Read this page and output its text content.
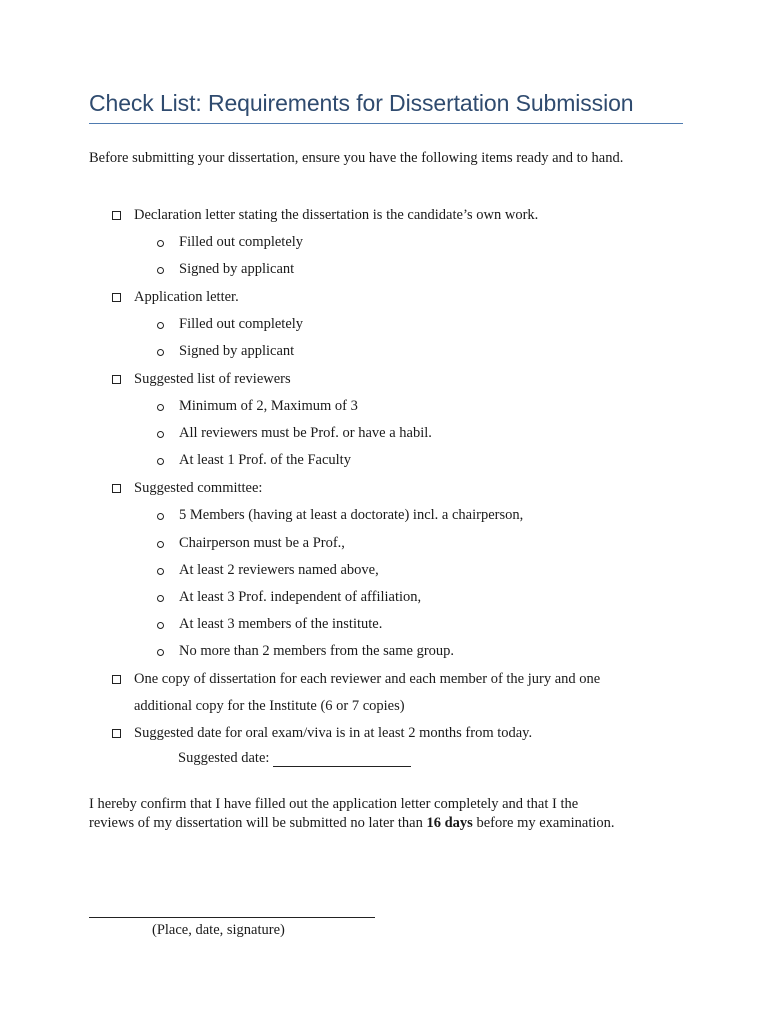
Check List: Requirements for Dissertation Submission

Before submitting your dissertation, ensure you have the following items ready and to hand.

Declaration letter stating the dissertation is the candidate’s own work.
Filled out completely
Signed by applicant
Application letter.
Filled out completely
Signed by applicant
Suggested list of reviewers
Minimum of 2, Maximum of 3
All reviewers must be Prof. or have a habil.
At least 1 Prof. of the Faculty
Suggested committee:
5 Members (having at least a doctorate) incl. a chairperson,
Chairperson must be a Prof.,
At least 2 reviewers named above,
At least 3 Prof. independent of affiliation,
At least 3 members of the institute.
No more than 2 members from the same group.
One copy of dissertation for each reviewer and each member of the jury and one
additional copy for the Institute (6 or 7 copies)
Suggested date for oral exam/viva is in at least 2 months from today.
Suggested date:

I hereby confirm that I have filled out the application letter completely and that I the
reviews of my dissertation will be submitted no later than 16 days before my examination.

(Place, date, signature)
